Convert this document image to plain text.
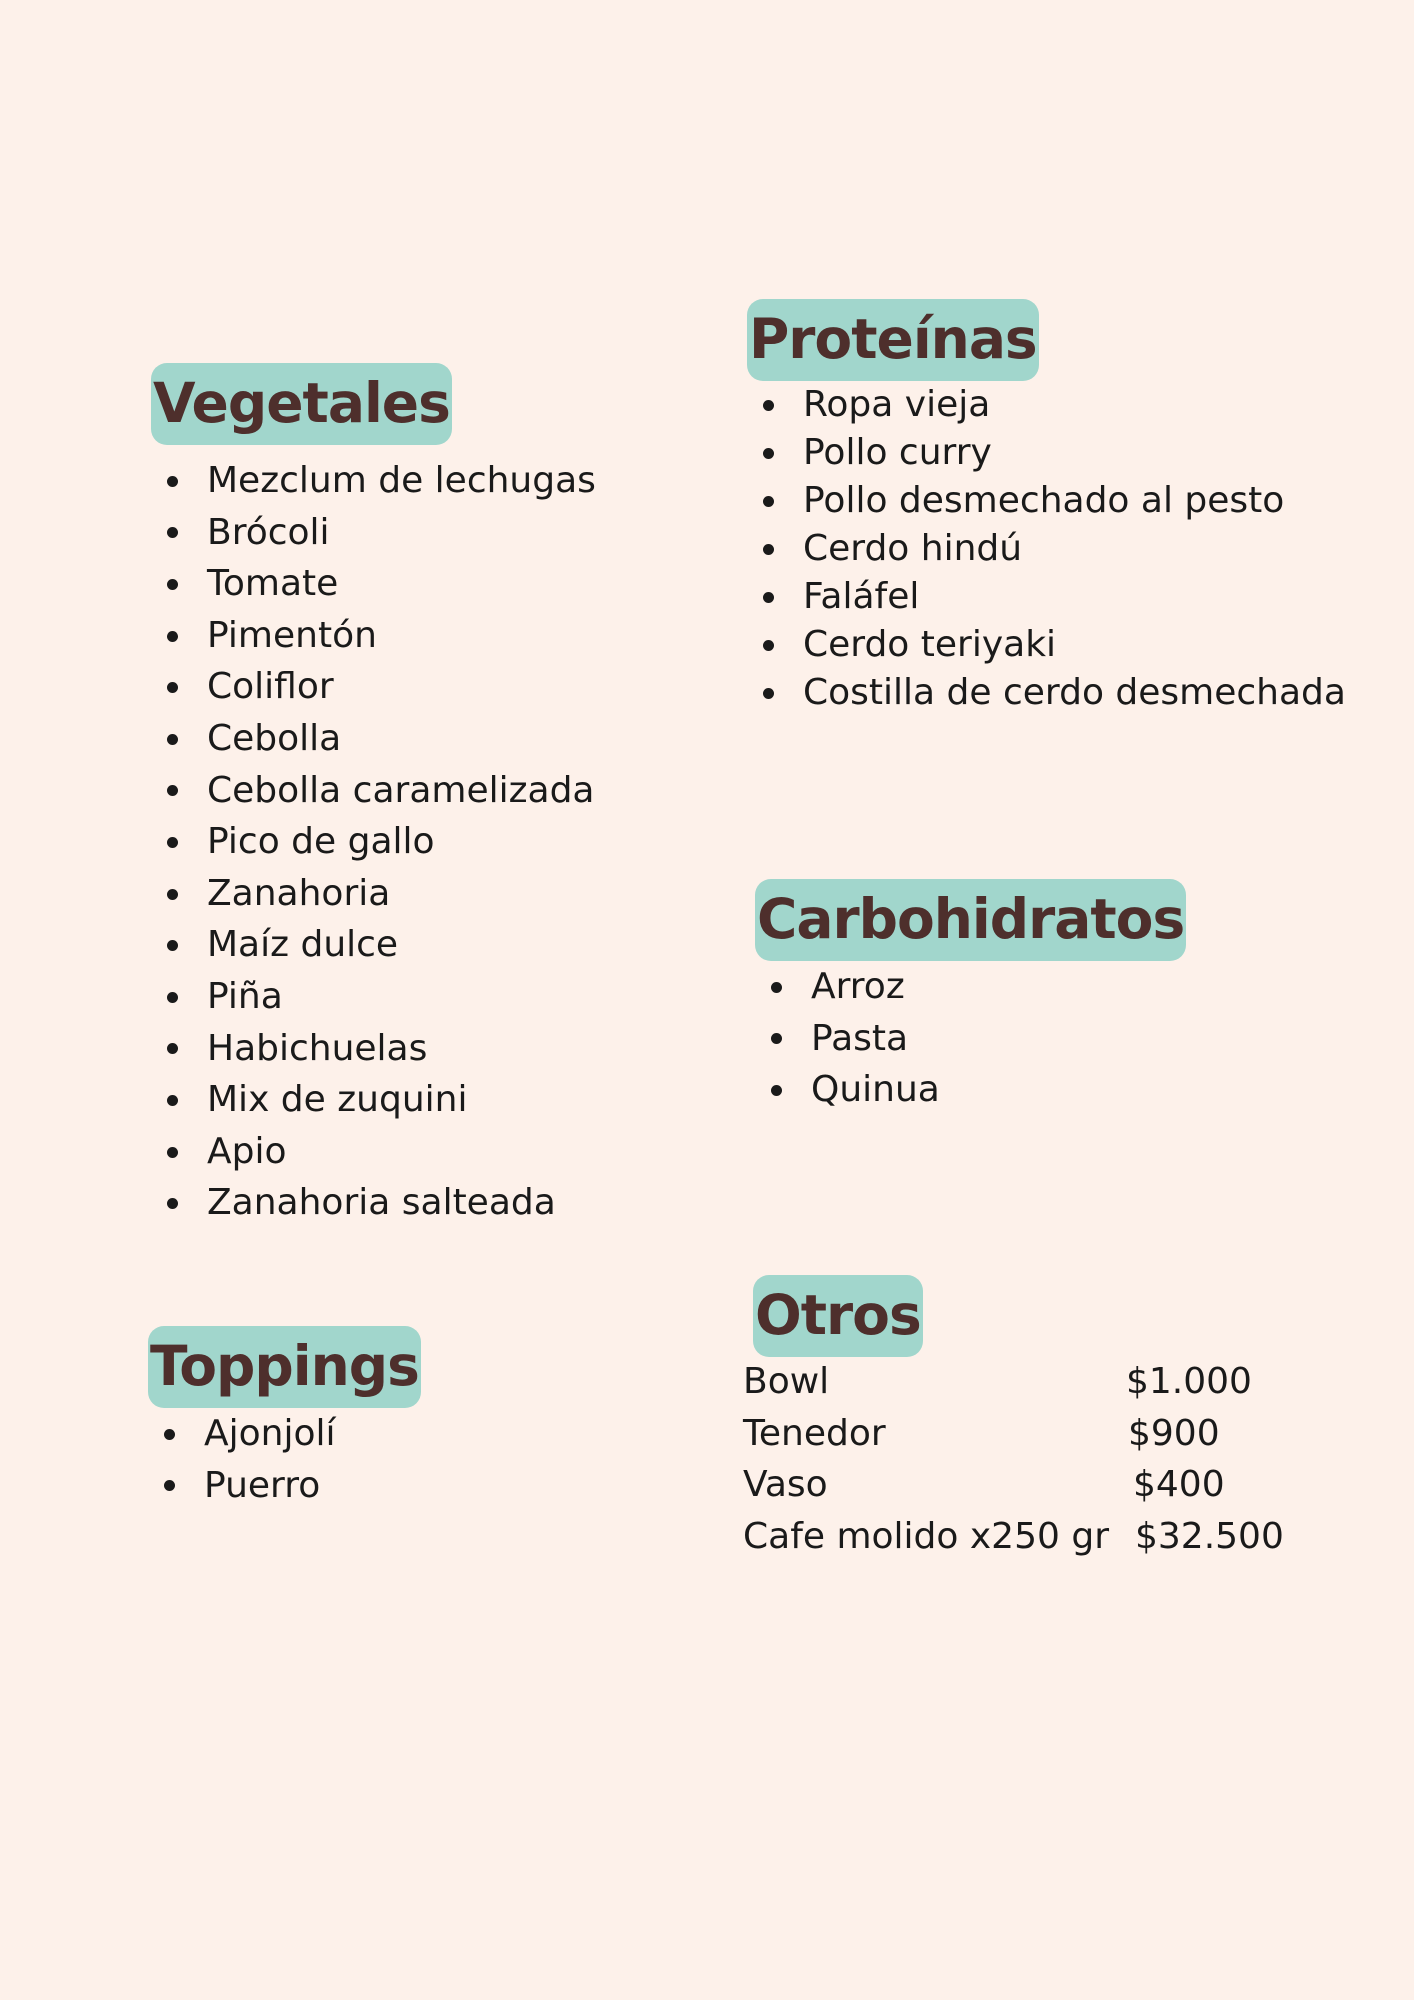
Vegetales
Mezclum de lechugas
Brócoli
Tomate
Pimentón
Coliflor
Cebolla
Cebolla caramelizada
Pico de gallo
Zanahoria
Maíz dulce
Piña
Habichuelas
Mix de zuquini
Apio
Zanahoria salteada
Proteínas
Ropa vieja
Pollo curry
Pollo desmechado al pesto
Cerdo hindú
Faláfel
Cerdo teriyaki
Costilla de cerdo desmechada
Carbohidratos
Arroz
Pasta
Quinua
Toppings
Ajonjolí
Puerro
Otros
Bowl	$1.000
Tenedor	$900
Vaso	$400
Cafe molido x250 gr	$32.500
